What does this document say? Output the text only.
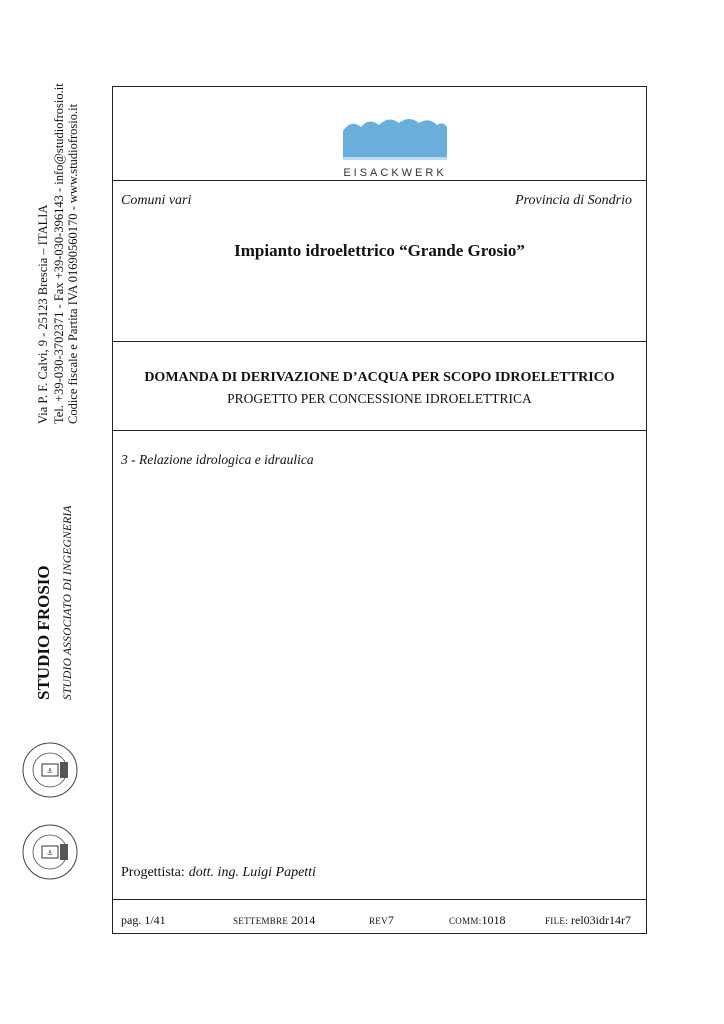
Via P. F. Calvi, 9 - 25123 Brescia – ITALIA Tel. +39-030-3702371 - Fax +39-030-396143 - info@studiofrosio.it Codice fiscale e Partita IVA 01690560170 - www.studiofrosio.it
STUDIO FROSIO STUDIO ASSOCIATO DI INGEGNERIA
⚓
⚓
EISACKWERK
Comuni vari	Provincia di Sondrio
Impianto idroelettrico “Grande Grosio”
DOMANDA DI DERIVAZIONE D’ACQUA PER SCOPO IDROELETTRICO
PROGETTO PER CONCESSIONE IDROELETTRICA
3 - Relazione idrologica e idraulica
Progettista: dott. ing. Luigi Papetti
pag. 1/41	SETTEMBRE 2014	REV7	COMM:1018	FILE: rel03idr14r7
